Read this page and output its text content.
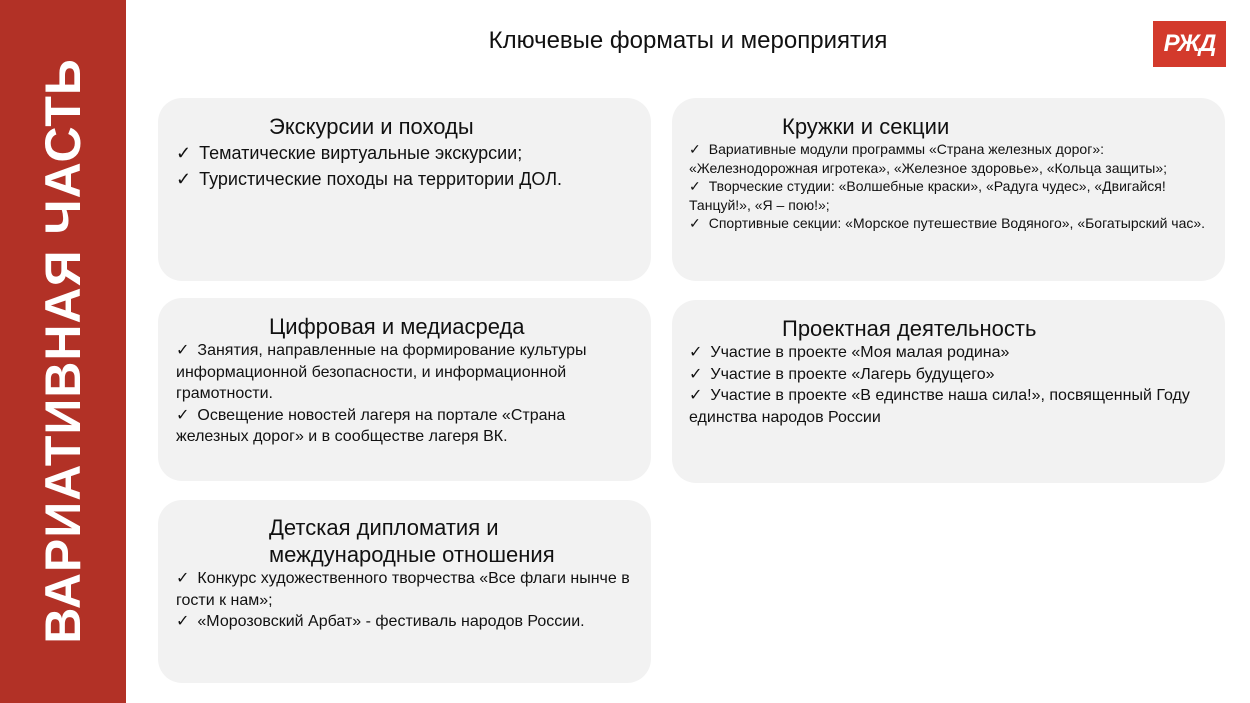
ВАРИАТИВНАЯ ЧАСТЬ
Ключевые форматы и мероприятия	РЖД
Экскурсии и походы
✓ Тематические виртуальные экскурсии;
✓ Туристические походы на территории ДОЛ.
Кружки и секции
✓ Вариативные модули программы «Страна железных дорог»: «Железнодорожная игротека», «Железное здоровье», «Кольца защиты»;
✓ Творческие студии: «Волшебные краски», «Радуга чудес», «Двигайся! Танцуй!», «Я – пою!»;
✓ Спортивные секции: «Морское путешествие Водяного», «Богатырский час».
Цифровая и медиасреда
✓ Занятия, направленные на формирование культуры информационной безопасности, и информационной грамотности.
✓ Освещение новостей лагеря на портале «Страна железных дорог» и в сообществе лагеря ВК.
Проектная деятельность
✓ Участие в проекте «Моя малая родина»
✓ Участие в проекте «Лагерь будущего»
✓ Участие в проекте «В единстве наша сила!», посвященный Году единства народов России
Детская дипломатия и международные отношения
✓ Конкурс художественного творчества «Все флаги нынче в гости к нам»;
✓ «Морозовский Арбат» - фестиваль народов России.
